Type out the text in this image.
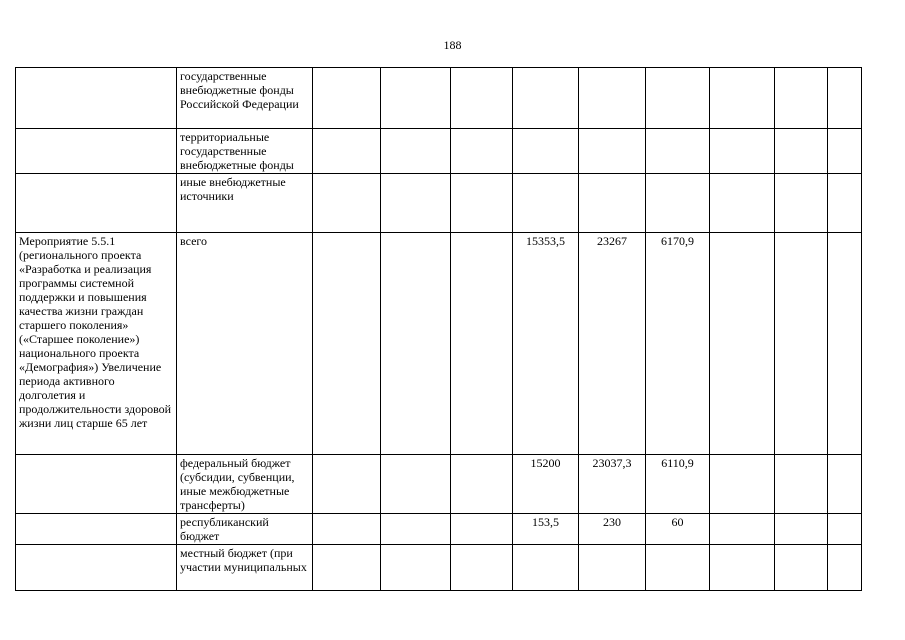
188
	государственные внебюджетные фонды Российской Федерации									
	территориальные государственные внебюджетные фонды									
	иные внебюджетные источники									
Мероприятие 5.5.1 (регионального проекта «Разработка и реализация программы системной поддержки и повышения качества жизни граждан старшего поколения» («Старшее поколение») национального проекта «Демография») Увеличение периода активного долголетия и продолжительности здоровой жизни лиц старше 65 лет	всего				15353,5	23267	6170,9			
	федеральный бюджет (субсидии, субвенции, иные межбюджетные трансферты)				15200	23037,3	6110,9			
	республиканский бюджет				153,5	230	60			
	местный бюджет (при участии муниципальных									
